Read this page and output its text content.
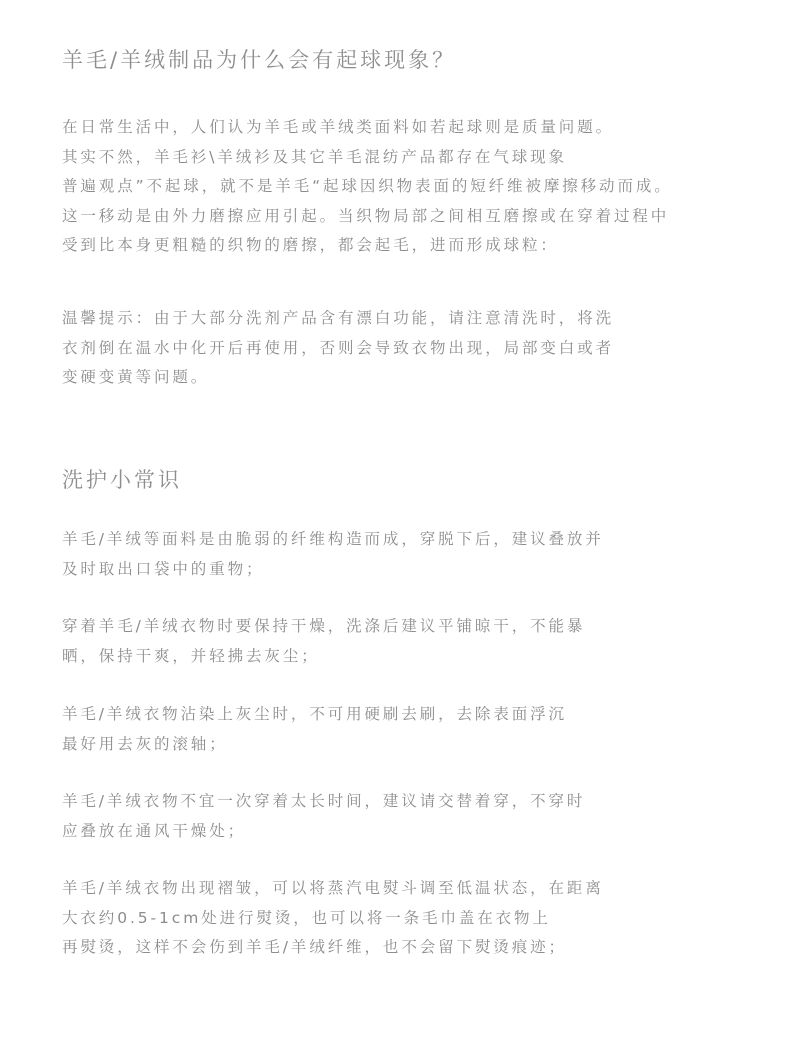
羊毛/羊绒制品为什么会有起球现象？
在日常生活中，人们认为羊毛或羊绒类面料如若起球则是质量问题。
其实不然，羊毛衫\羊绒衫及其它羊毛混纺产品都存在气球现象
普遍观点”不起球，就不是羊毛“起球因织物表面的短纤维被摩擦移动而成。
这一移动是由外力磨擦应用引起。当织物局部之间相互磨擦或在穿着过程中
受到比本身更粗糙的织物的磨擦，都会起毛，进而形成球粒：
温馨提示：由于大部分洗剂产品含有漂白功能，请注意清洗时，将洗
衣剂倒在温水中化开后再使用，否则会导致衣物出现，局部变白或者
变硬变黄等问题。
洗护小常识
羊毛/羊绒等面料是由脆弱的纤维构造而成，穿脱下后，建议叠放并
及时取出口袋中的重物；
穿着羊毛/羊绒衣物时要保持干燥，洗涤后建议平铺晾干，不能暴
晒，保持干爽，并轻拂去灰尘；
羊毛/羊绒衣物沾染上灰尘时，不可用硬刷去刷，去除表面浮沉
最好用去灰的滚轴；
羊毛/羊绒衣物不宜一次穿着太长时间，建议请交替着穿，不穿时
应叠放在通风干燥处；
羊毛/羊绒衣物出现褶皱，可以将蒸汽电熨斗调至低温状态，在距离
大衣约0.5-1cm处进行熨烫，也可以将一条毛巾盖在衣物上
再熨烫，这样不会伤到羊毛/羊绒纤维，也不会留下熨烫痕迹；
